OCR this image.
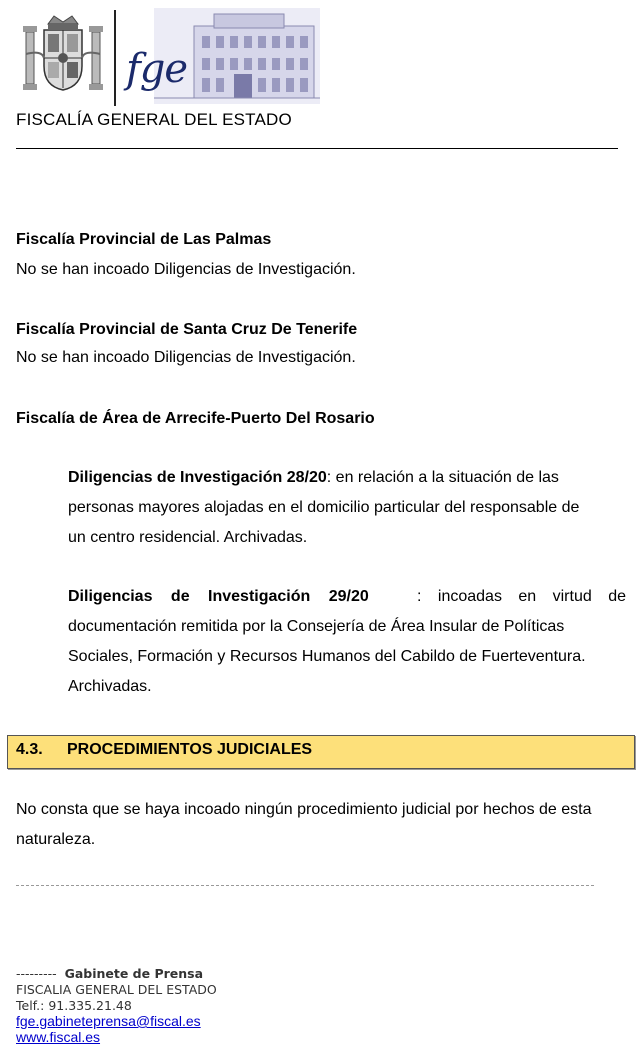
fge
FISCALÍA GENERAL DEL ESTADO
Fiscalía Provincial de Las Palmas
No se han incoado Diligencias de Investigación.
Fiscalía Provincial de Santa Cruz De Tenerife
No se han incoado Diligencias de Investigación.
Fiscalía de Área de Arrecife-Puerto Del Rosario
Diligencias de Investigación 28/20: en relación a la situación de las
personas mayores alojadas en el domicilio particular del responsable de
un centro residencial. Archivadas.
Diligencias de Investigación 29/20	: incoadas en virtud de
documentación remitida por la Consejería de Área Insular de Políticas
Sociales, Formación y Recursos Humanos del Cabildo de Fuerteventura.
Archivadas.
4.3. PROCEDIMIENTOS JUDICIALES
No consta que se haya incoado ningún procedimiento judicial por hechos de esta
naturaleza.
--------- Gabinete de Prensa
FISCALIA GENERAL DEL ESTADO
Telf.: 91.335.21.48
fge.gabineteprensa@fiscal.es
www.fiscal.es
